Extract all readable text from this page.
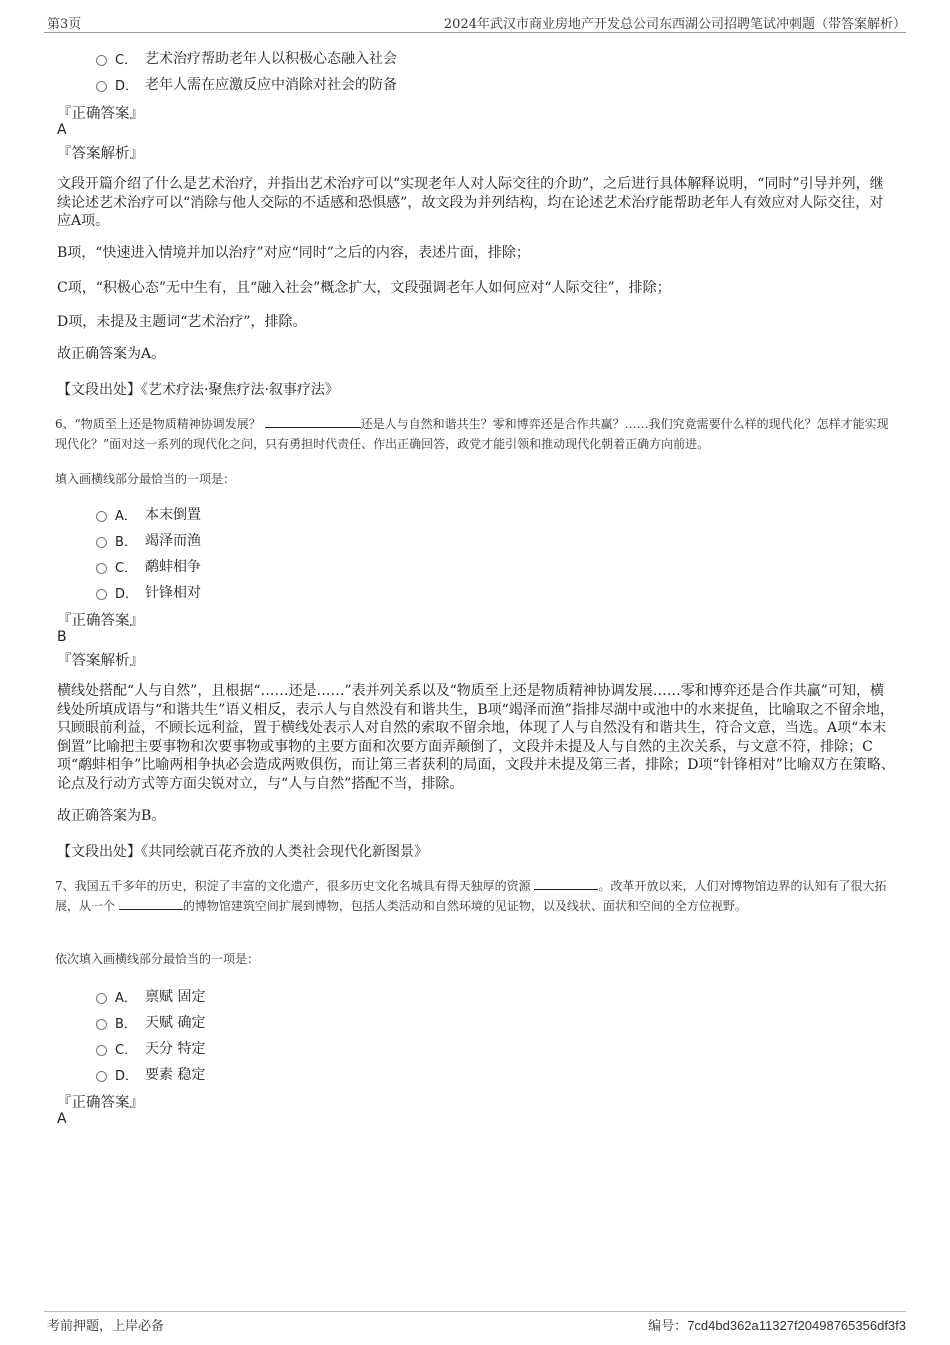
第3页	2024年武汉市商业房地产开发总公司东西湖公司招聘笔试冲刺题（带答案解析）
C． 艺术治疗帮助老年人以积极心态融入社会
D． 老年人需在应激反应中消除对社会的防备
『正确答案』
A
『答案解析』
文段开篇介绍了什么是艺术治疗，并指出艺术治疗可以“实现老年人对人际交往的介助”，之后进行具体解释说明，“同时”引导并列，继续论述艺术治疗可以“消除与他人交际的不适感和恐惧感”，故文段为并列结构，均在论述艺术治疗能帮助老年人有效应对人际交往，对应A项。
B项，“快速进入情境并加以治疗”对应“同时”之后的内容，表述片面，排除；
C项，“积极心态”无中生有，且“融入社会”概念扩大，文段强调老年人如何应对“人际交往”，排除；
D项，未提及主题词“艺术治疗”，排除。
故正确答案为A。
【文段出处】《艺术疗法·聚焦疗法·叙事疗法》
6、“物质至上还是物质精神协调发展？	还是人与自然和谐共生？零和博弈还是合作共赢？……我们究竟需要什么样的现代化？怎样才能实现现代化？”面对这一系列的现代化之问，只有勇担时代责任、作出正确回答，政党才能引领和推动现代化朝着正确方向前进。
填入画横线部分最恰当的一项是：
A． 本末倒置
B． 竭泽而渔
C． 鹬蚌相争
D． 针锋相对
『正确答案』
B
『答案解析』
横线处搭配“人与自然”，且根据“……还是……”表并列关系以及“物质至上还是物质精神协调发展……零和博弈还是合作共赢”可知，横线处所填成语与“和谐共生”语义相反，表示人与自然没有和谐共生，B项“竭泽而渔”指排尽湖中或池中的水来捉鱼，比喻取之不留余地，只顾眼前利益，不顾长远利益，置于横线处表示人对自然的索取不留余地，体现了人与自然没有和谐共生，符合文意，当选。A项“本末倒置”比喻把主要事物和次要事物或事物的主要方面和次要方面弄颠倒了，文段并未提及人与自然的主次关系，与文意不符，排除；C项“鹬蚌相争”比喻两相争执必会造成两败俱伤，而让第三者获利的局面，文段并未提及第三者，排除；D项“针锋相对”比喻双方在策略、论点及行动方式等方面尖锐对立，与“人与自然”搭配不当，排除。
故正确答案为B。
【文段出处】《共同绘就百花齐放的人类社会现代化新图景》
7、我国五千多年的历史，积淀了丰富的文化遗产，很多历史文化名城具有得天独厚的资源	。改革开放以来，人们对博物馆边界的认知有了很大拓展，从一个	的博物馆建筑空间扩展到博物，包括人类活动和自然环境的见证物，以及线状、面状和空间的全方位视野。
依次填入画横线部分最恰当的一项是：
A． 禀赋 固定
B． 天赋 确定
C． 天分 特定
D． 要素 稳定
『正确答案』
A
考前押题，上岸必备	编号：7cd4bd362a11327f20498765356df3f3
